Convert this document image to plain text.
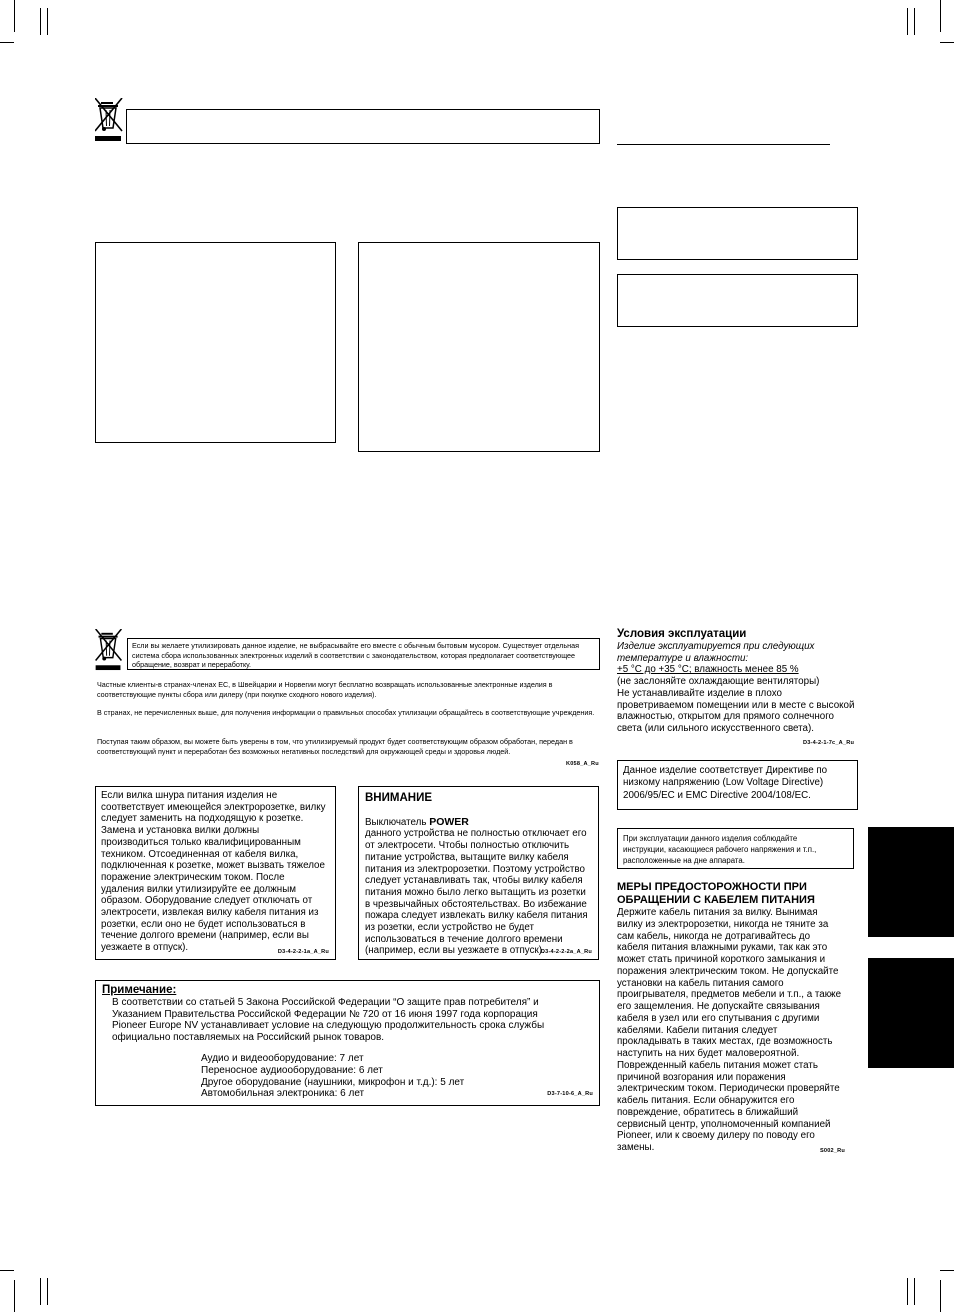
Если вы желаете утилизировать данное изделие, не выбрасывайте его вместе с обычным бытовым мусором. Существует отдельная система сбора использованных электронных изделий в соответствии с законодательством, которая предполагает соответствующее обращение, возврат и переработку.
Частные клиенты-в странах-членах ЕС, в Швейцарии и Норвегии могут бесплатно возвращать использованные электронные изделия в соответствующие пункты сбора или дилеру (при покупке сходного нового изделия).
В странах, не перечисленных выше, для получения информации о правильных способах утилизации обращайтесь в соответствующие учреждения.
Поступая таким образом, вы можете быть уверены в том, что утилизируемый продукт будет соответствующим образом обработан, передан в соответствующий пункт и переработан без возможных негативных последствий для окружающей среды и здоровья людей.
K058_A_Ru
Если вилка шнура питания изделия не
соответствует имеющейся электророзетке, вилку
следует заменить на подходящую к розетке.
Замена и установка вилки должны
производиться только квалифицированным
техником. Отсоединенная от кабеля вилка,
подключенная к розетке, может вызвать тяжелое
поражение электрическим током. После
удаления вилки утилизируйте ее должным
образом. Оборудование следует отключать от
электросети, извлекая вилку кабеля питания из
розетки, если оно не будет использоваться в
течение долгого времени (например, если вы
уезжаете в отпуск).	D3-4-2-2-1a_A_Ru
ВНИМАНИЕ

Выключатель POWER

данного устройства не полностью отключает его
от электросети. Чтобы полностью отключить
питание устройства, вытащите вилку кабеля
питания из электророзетки. Поэтому устройство
следует устанавливать так, чтобы вилку кабеля
питания можно было легко вытащить из розетки
в чрезвычайных обстоятельствах. Во избежание
пожара следует извлекать вилку кабеля питания
из розетки, если устройство не будет
использоваться в течение долгого времени
(например, если вы уезжаете в отпуск).
D3-4-2-2-2a_A_Ru
Примечание:
В соответствии со статьей 5 Закона Российской Федерации “О защите прав потребителя” и
Указанием Правительства Российской Федерации № 720 от 16 июня 1997 года корпорация
Pioneer Europe NV устанавливает условие на следующую продолжительность срока службы
официально поставляемых на Российский рынок товаров.
Аудио и видеооборудование: 7 лет
Переносное аудиооборудование: 6 лет
Другое оборудование (наушники, микрофон и т.д.): 5 лет
Автомобильная электроника: 6 лет	D3-7-10-6_A_Ru
Условия эксплуатации
Изделие эксплуатируется при следующих
температуре и влажности:
+5 °C до +35 °C; влажность менее 85 %
(не заслоняйте охлаждающие вентиляторы)
Не устанавливайте изделие в плохо
проветриваемом помещении или в месте с высокой
влажностью, открытом для прямого солнечного
света (или сильного искусственного света).
D3-4-2-1-7c_A_Ru
Данное изделие соответствует Директиве по
низкому напряжению (Low Voltage Directive)
2006/95/EC и EMC Directive 2004/108/EC.
При эксплуатации данного изделия соблюдайте
инструкции, касающиеся рабочего напряжения и т.п.,
расположенные на дне аппарата.
МЕРЫ ПРЕДОСТОРОЖНОСТИ ПРИ
ОБРАЩЕНИИ С КАБЕЛЕМ ПИТАНИЯ
Держите кабель питания за вилку. Вынимая
вилку из электророзетки, никогда не тяните за
сам кабель, никогда не дотрагивайтесь до
кабеля питания влажными руками, так как это
может стать причиной короткого замыкания и
поражения электрическим током. Не допускайте
установки на кабель питания самого
проигрывателя, предметов мебели и т.п., а также
его защемления. Не допускайте связывания
кабеля в узел или его спутывания с другими
кабелями. Кабели питания следует
прокладывать в таких местах, где возможность
наступить на них будет маловероятной.
Поврежденный кабель питания может стать
причиной возгорания или поражения
электрическим током. Периодически проверяйте
кабель питания. Если обнаружится его
повреждение, обратитесь в ближайший
сервисный центр, уполномоченный компанией
Pioneer, или к своему дилеру по поводу его
замены.	S002_Ru
